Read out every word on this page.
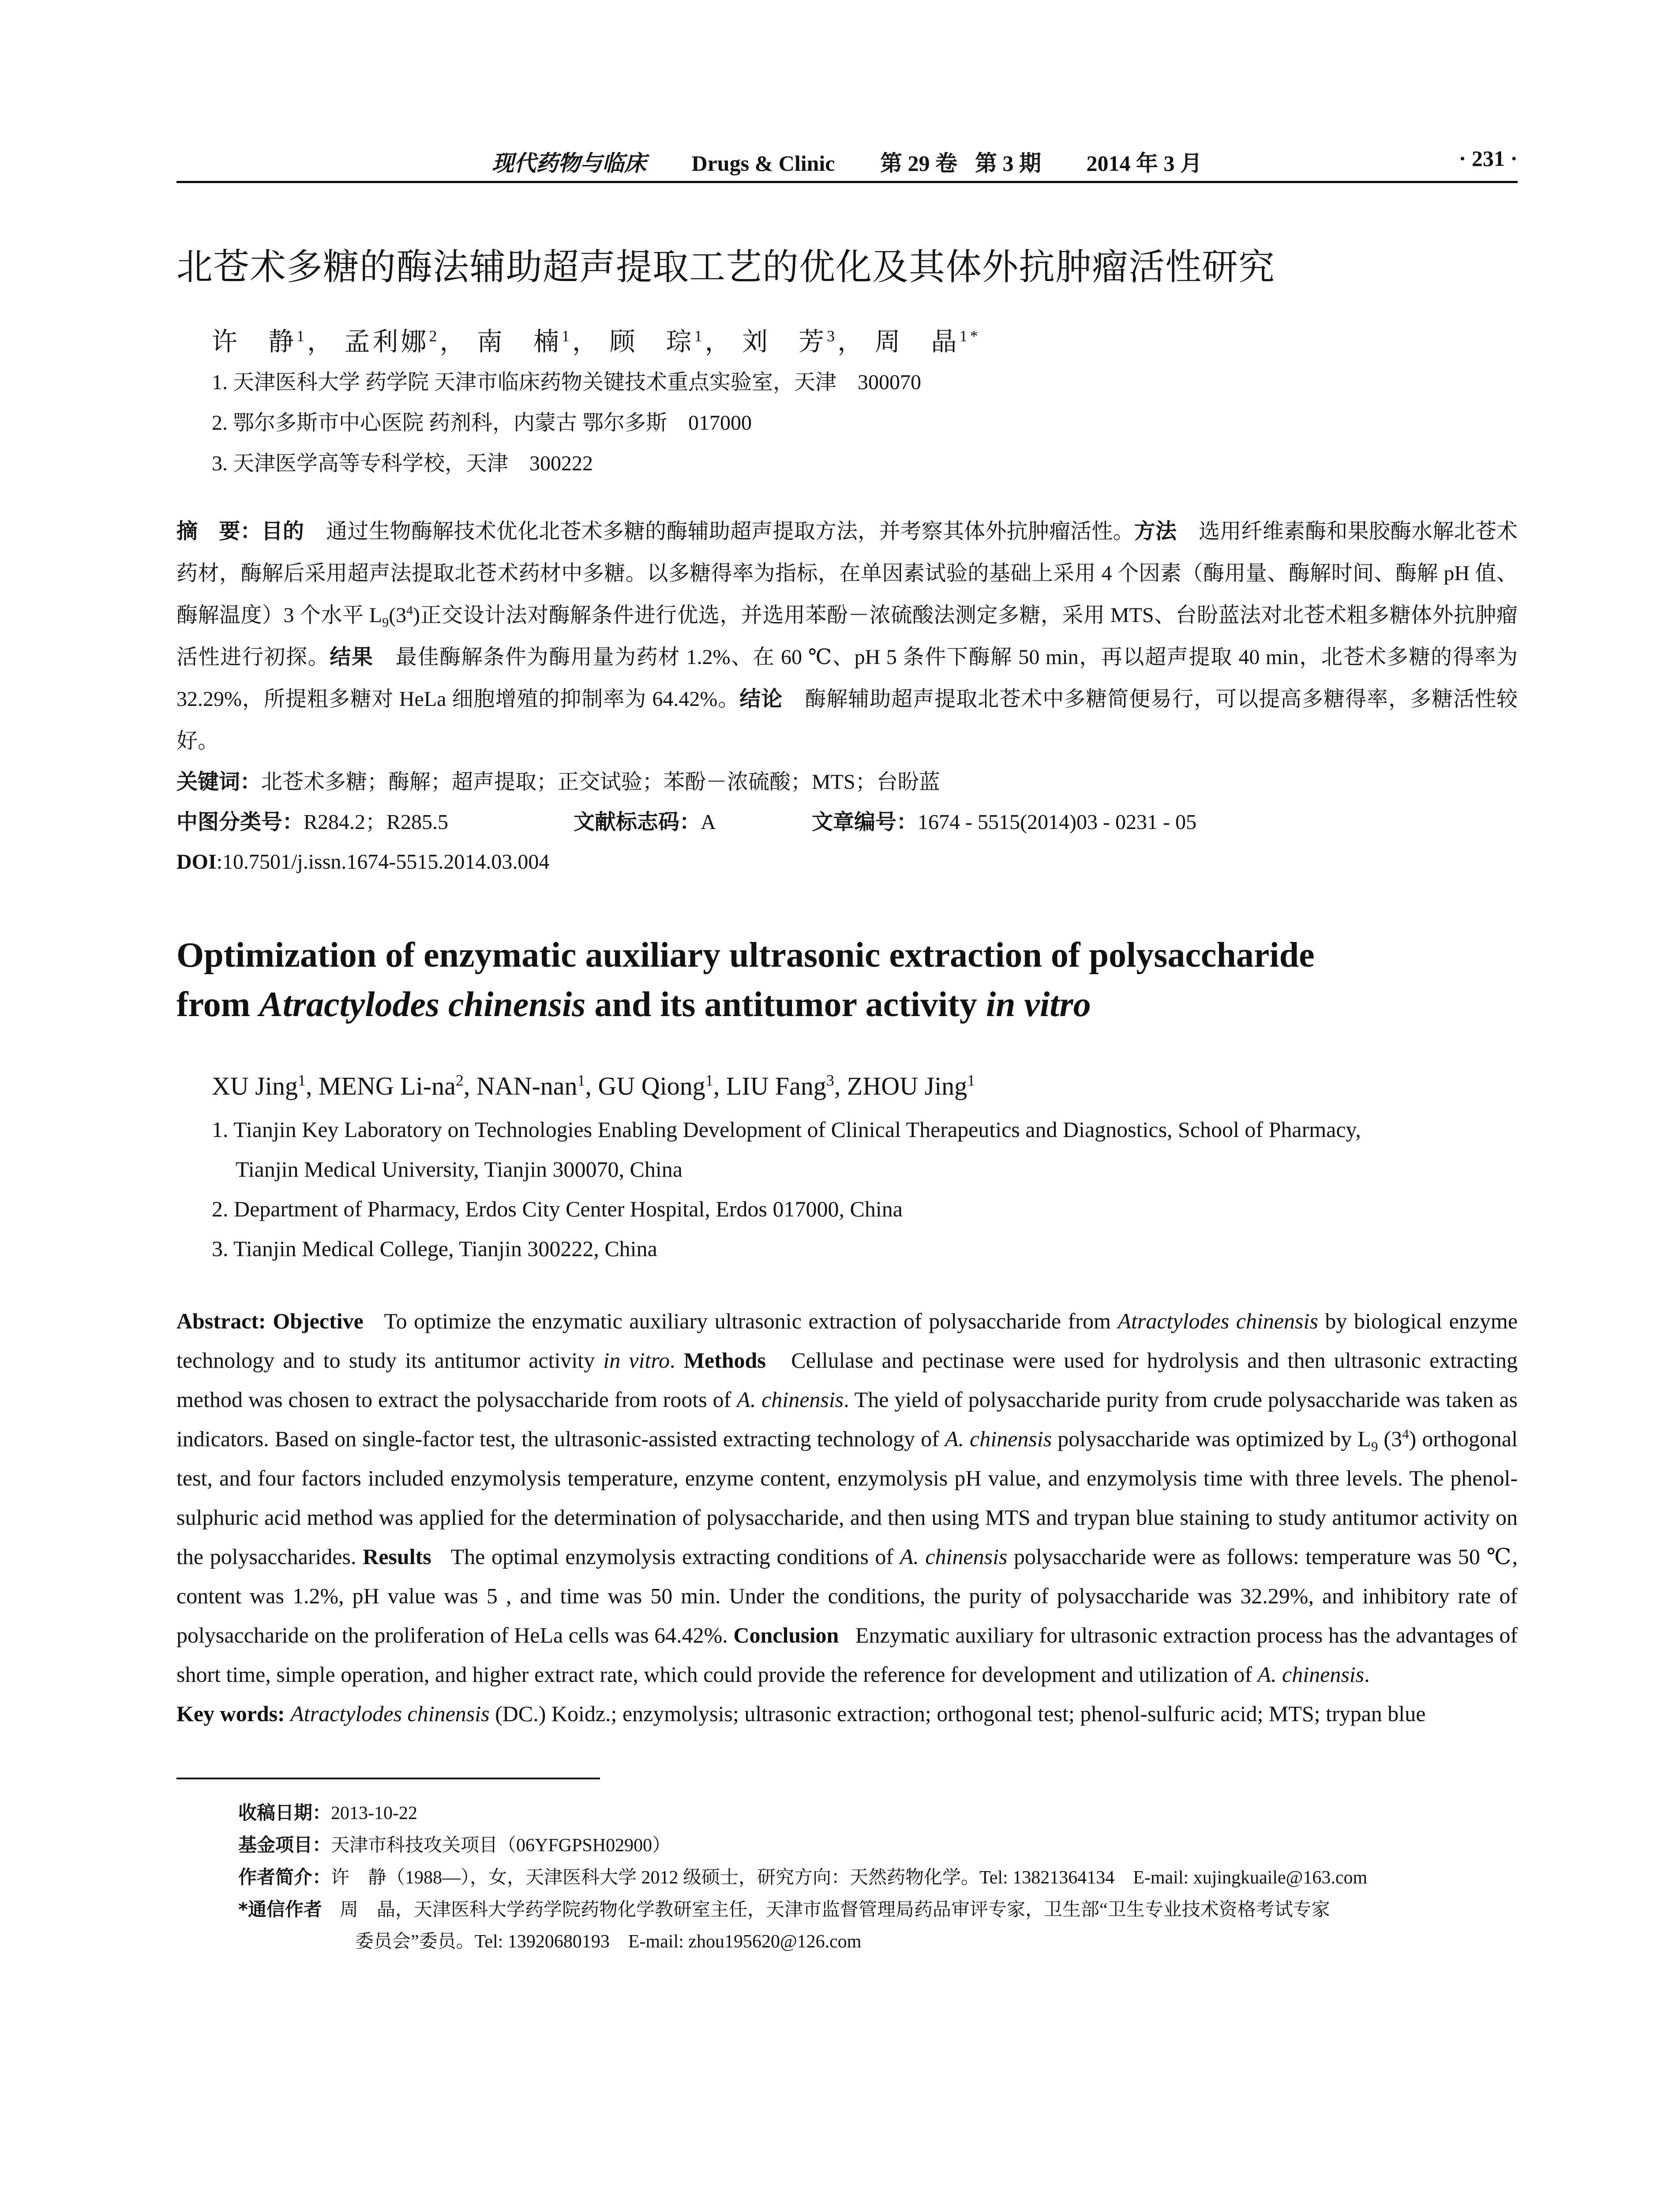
现代药物与临床 Drugs & Clinic 第 29 卷 第 3 期 2014 年 3 月	· 231 ·
北苍术多糖的酶法辅助超声提取工艺的优化及其体外抗肿瘤活性研究
许　静$^1$， 孟利娜$^2$， 南　楠$^1$， 顾　琮$^1$， 刘　芳$^3$， 周　晶$^{1*}$
1. 天津医科大学 药学院 天津市临床药物关键技术重点实验室，天津　300070
2. 鄂尔多斯市中心医院 药剂科，内蒙古 鄂尔多斯　017000
3. 天津医学高等专科学校，天津　300222
摘　要：目的 通过生物酶解技术优化北苍术多糖的酶辅助超声提取方法，并考察其体外抗肿瘤活性。方法 选用纤维素酶和果胶酶水解北苍术药材，酶解后采用超声法提取北苍术药材中多糖。以多糖得率为指标，在单因素试验的基础上采用 4 个因素（酶用量、酶解时间、酶解 pH 值、酶解温度）3 个水平 $L_9(3^4)$正交设计法对酶解条件进行优选，并选用苯酚－浓硫酸法测定多糖，采用 MTS、台盼蓝法对北苍术粗多糖体外抗肿瘤活性进行初探。结果 最佳酶解条件为酶用量为药材 1.2%、在 60 ℃、pH 5 条件下酶解 50 min，再以超声提取 40 min，北苍术多糖的得率为 32.29%，所提粗多糖对 HeLa 细胞增殖的抑制率为 64.42%。结论 酶解辅助超声提取北苍术中多糖简便易行，可以提高多糖得率，多糖活性较好。
关键词：北苍术多糖；酶解；超声提取；正交试验；苯酚－浓硫酸；MTS；台盼蓝
中图分类号：R284.2；R285.5	文献标志码：A	文章编号：1674 - 5515(2014)03 - 0231 - 05
DOI:10.7501/j.issn.1674-5515.2014.03.004
Optimization of enzymatic auxiliary ultrasonic extraction of polysaccharide
from Atractylodes chinensis and its antitumor activity in vitro
XU Jing$^1$, MENG $Li-na^2$, NAN-nan$^1$, GU Qiong$^1$, LIU Fang$^3$, ZHOU Jing$^1$
1. Tianjin Key Laboratory on Technologies Enabling Development of Clinical Therapeutics and Diagnostics, School of Pharmacy,
Tianjin Medical University, Tianjin 300070, China
2. Department of Pharmacy, Erdos City Center Hospital, Erdos 017000, China
3. Tianjin Medical College, Tianjin 300222, China
Abstract: Objective To optimize the enzymatic auxiliary ultrasonic extraction of polysaccharide from Atractylodes chinensis by biological enzyme technology and to study its antitumor activity in vitro. Methods Cellulase and pectinase were used for hydrolysis and then ultrasonic extracting method was chosen to extract the polysaccharide from roots of A. chinensis. The yield of polysaccharide purity from crude polysaccharide was taken as indicators. Based on single-factor test, the ultrasonic-assisted extracting technology of A. chinensis polysaccharide was optimized by $L_9$ $(3^4)$ orthogonal test, and four factors included enzymolysis temperature, enzyme content, enzymolysis pH value, and enzymolysis time with three levels. The phenol-sulphuric acid method was applied for the determination of polysaccharide, and then using MTS and trypan blue staining to study antitumor activity on the polysaccharides. Results The optimal enzymolysis extracting conditions of A. chinensis polysaccharide were as follows: temperature was 50 ℃, content was 1.2%, pH value was 5 , and time was 50 min. Under the conditions, the purity of polysaccharide was 32.29%, and inhibitory rate of polysaccharide on the proliferation of HeLa cells was 64.42%. Conclusion Enzymatic auxiliary for ultrasonic extraction process has the advantages of short time, simple operation, and higher extract rate, which could provide the reference for development and utilization of A. chinensis.
Key words: Atractylodes chinensis (DC.) Koidz.; enzymolysis; ultrasonic extraction; orthogonal test; phenol-sulfuric acid; MTS; trypan blue
收稿日期：2013-10-22
基金项目：天津市科技攻关项目（06YFGPSH02900）
作者简介：许　静（1988—），女，天津医科大学 2012 级硕士，研究方向：天然药物化学。Tel: 13821364134　E-mail: xujingkuaile@163.com
*通信作者 周　晶，天津医科大学药学院药物化学教研室主任，天津市监督管理局药品审评专家，卫生部“卫生专业技术资格考试专家
委员会”委员。Tel: 13920680193　E-mail: zhou195620@126.com
